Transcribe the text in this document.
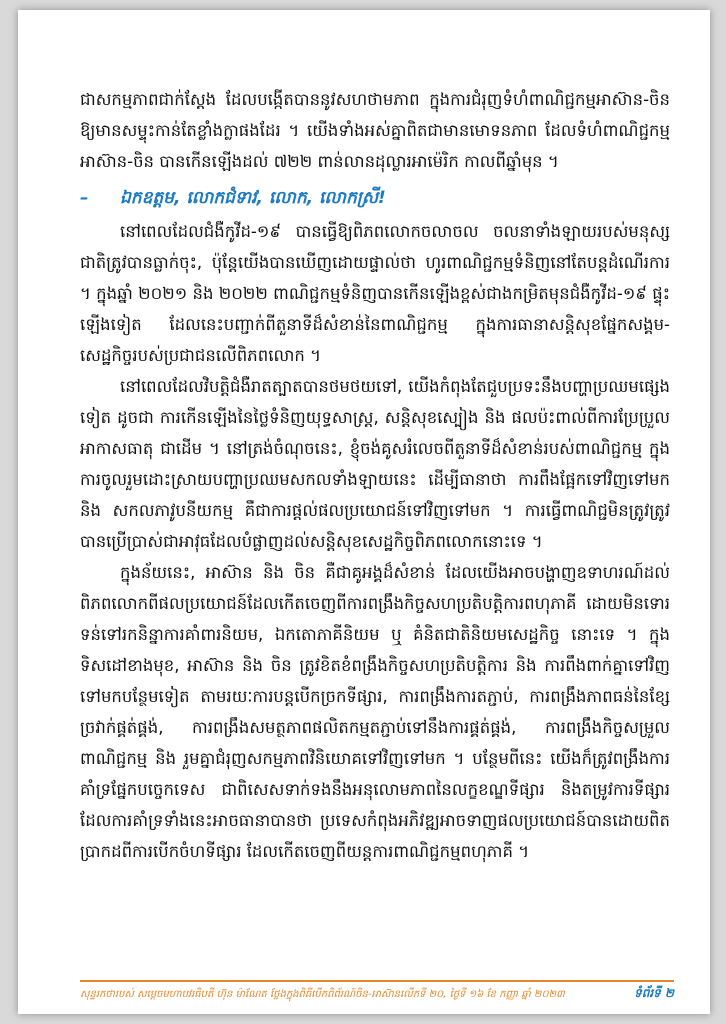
ជាសកម្មភាពជាក់ស្តែង ដែលបង្កើតបាននូវសហថាមភាព ក្នុងការជំរុញទំហំពាណិជ្ជកម្មអាស៊ាន-ចិន ឱ្យមានសម្ទុះកាន់តែខ្លាំងក្លាផងដែរ ។ យើងទាំងអស់គ្នាពិតជាមានមោទនភាព ដែលទំហំពាណិជ្ជកម្មអាស៊ាន-ចិន បានកើនឡើងដល់ ៧២២ ពាន់លានដុល្លារអាម៉េរិក កាលពីឆ្នាំមុន ។

– ឯកឧត្តម, លោកជំទាវ, លោក, លោកស្រី!

នៅពេលដែលជំងឺកូវីដ-១៩ បានធ្វើឱ្យពិភពលោកចលាចល ចលនាទាំងឡាយរបស់មនុស្សជាតិត្រូវបានធ្លាក់ចុះ, ប៉ុន្តែយើងបានឃើញដោយផ្ទាល់ថា ហូរពាណិជ្ជកម្មទំនិញនៅតែបន្តដំណើរការ ។ ក្នុងឆ្នាំ ២០២១ និង ២០២២ ពាណិជ្ជកម្មទំនិញបានកើនឡើងខ្ពស់ជាងកម្រិតមុនជំងឺកូវីដ-១៩ ផ្ទុះឡើងទៀត ដែលនេះបញ្ជាក់ពីតួនាទីដ៏សំខាន់នៃពាណិជ្ជកម្ម ក្នុងការធានាសន្តិសុខផ្នែកសង្គម-សេដ្ឋកិច្ចរបស់ប្រជាជនលើពិភពលោក ។

នៅពេលដែលវិបត្តិជំងឺរាតត្បាតបានថមថយទៅ, យើងកំពុងតែជួបប្រទះនឹងបញ្ហាប្រឈមផ្សេងទៀត ដូចជា ការកើនឡើងនៃថ្លៃទំនិញយុទ្ធសាស្ត្រ, សន្តិសុខស្បៀង និង ផលប៉ះពាល់ពីការប្រែប្រួលអាកាសធាតុ ជាដើម ។ នៅត្រង់ចំណុចនេះ, ខ្ញុំចង់គូសរំលេចពីតួនាទីដ៏សំខាន់របស់ពាណិជ្ជកម្ម ក្នុងការចូលរួមដោះស្រាយបញ្ហាប្រឈមសកលទាំងឡាយនេះ ដើម្បីធានាថា ការពឹងផ្អែកទៅវិញទៅមក និង សកលភាវូបនីយកម្ម គឺជាការផ្តល់ផលប្រយោជន៍ទៅវិញទៅមក ។ ការធ្វើពាណិជ្ជមិនត្រូវត្រូវបានប្រើប្រាស់ជាអាវុធដែលបំផ្លាញដល់សន្តិសុខសេដ្ឋកិច្ចពិភពលោកនោះទេ ។

ក្នុងន័យនេះ, អាស៊ាន និង ចិន គឺជាគូអង្គដ៏សំខាន់ ដែលយើងអាចបង្ហាញឧទាហរណ៍ដល់ពិភពលោកពីផលប្រយោជន៍ដែលកើតចេញពីការពង្រឹងកិច្ចសហប្រតិបត្តិការពហុភាគី ដោយមិនទោរទន់ទៅរកនិន្នាការគាំពារនិយម, ឯកតោភាគីនិយម ឬ គំនិតជាតិនិយមសេដ្ឋកិច្ច នោះទេ ។ ក្នុងទិសដៅខាងមុខ, អាស៊ាន និង ចិន ត្រូវខិតខំពង្រឹងកិច្ចសហប្រតិបត្តិការ និង ការពឹងពាក់គ្នាទៅវិញទៅមកបន្ថែមទៀត តាមរយៈការបន្តបើកច្រកទីផ្សារ, ការពង្រឹងការតភ្ជាប់, ការពង្រឹងភាពធន់នៃខ្សែច្រវាក់ផ្គត់ផ្គង់, ការពង្រឹងសមត្ថភាពផលិតកម្មតភ្ជាប់ទៅនឹងការផ្គត់ផ្គង់, ការពង្រឹងកិច្ចសម្រួលពាណិជ្ជកម្ម និង រួមគ្នាជំរុញសកម្មភាពវិនិយោគទៅវិញទៅមក ។ បន្ថែមពីនេះ យើងក៏ត្រូវពង្រឹងការគាំទ្រផ្នែកបច្ចេកទេស ជាពិសេសទាក់ទងនឹងអនុលោមភាពនៃលក្ខខណ្ឌទីផ្សារ និងតម្រូវការទីផ្សារ ដែលការគាំទ្រទាំងនេះអាចធានាបានថា ប្រទេសកំពុងអភិវឌ្ឍអាចទាញផលប្រយោជន៍បានដោយពិតប្រាកដពីការបើកចំហទីផ្សារ ដែលកើតចេញពីយន្តការពាណិជ្ជកម្មពហុភាគី ។

សុន្ទរកថារបស់ សម្តេចមហាបវរធិបតី ហ៊ុន ម៉ាណែត ថ្លែងក្នុងពិធីបើកពិព័រណ៍ចិន-អាស៊ានលើកទី ២០, ថ្ងៃទី ១៦ ខែ កញ្ញា ឆ្នាំ ២០២៣	ទំព័រទី ២
